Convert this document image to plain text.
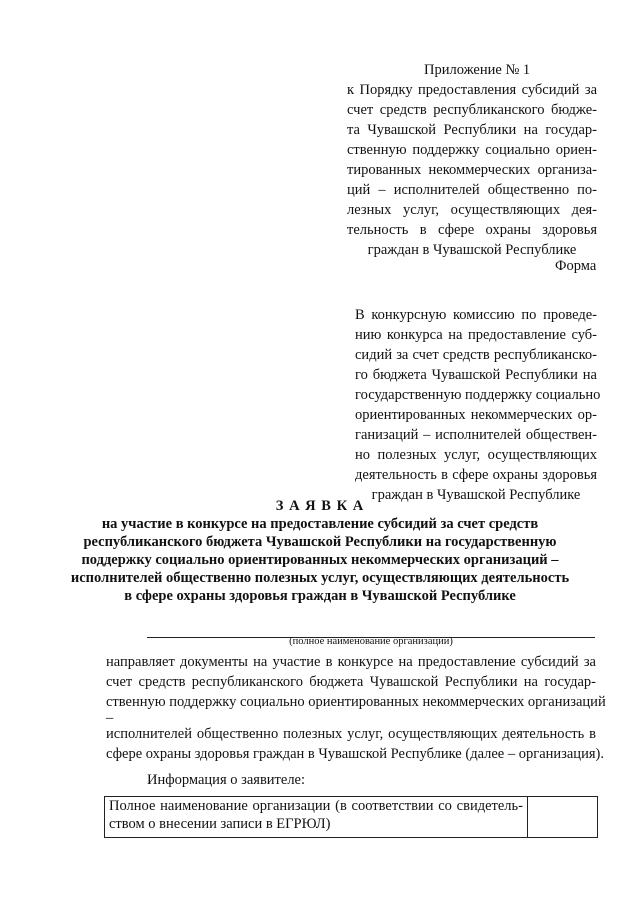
Приложение № 1
к Порядку предоставления субсидий за
счет средств республиканского бюдже-
та Чувашской Республики на государ-
ственную поддержку социально ориен-
тированных некоммерческих организа-
ций – исполнителей общественно по-
лезных услуг, осуществляющих дея-
тельность в сфере охраны здоровья
граждан в Чувашской Республике
Форма
В конкурсную комиссию по проведе-
нию конкурса на предоставление суб-
сидий за счет средств республиканско-
го бюджета Чувашской Республики на
государственную поддержку социально
ориентированных некоммерческих ор-
ганизаций – исполнителей обществен-
но полезных услуг, осуществляющих
деятельность в сфере охраны здоровья
граждан в Чувашской Республике
З А Я В К А
на участие в конкурсе на предоставление субсидий за счет средств
республиканского бюджета Чувашской Республики на государственную
поддержку социально ориентированных некоммерческих организаций –
исполнителей общественно полезных услуг, осуществляющих деятельность
в сфере охраны здоровья граждан в Чувашской Республике
(полное наименование организации)
направляет документы на участие в конкурсе на предоставление субсидий за
счет средств республиканского бюджета Чувашской Республики на государ-
ственную поддержку социально ориентированных некоммерческих организаций
–
исполнителей общественно полезных услуг, осуществляющих деятельность в
сфере охраны здоровья граждан в Чувашской Республике (далее – организация).
Информация о заявителе:
Полное наименование организации (в соответствии со свидетель-
ством о внесении записи в ЕГРЮЛ)
